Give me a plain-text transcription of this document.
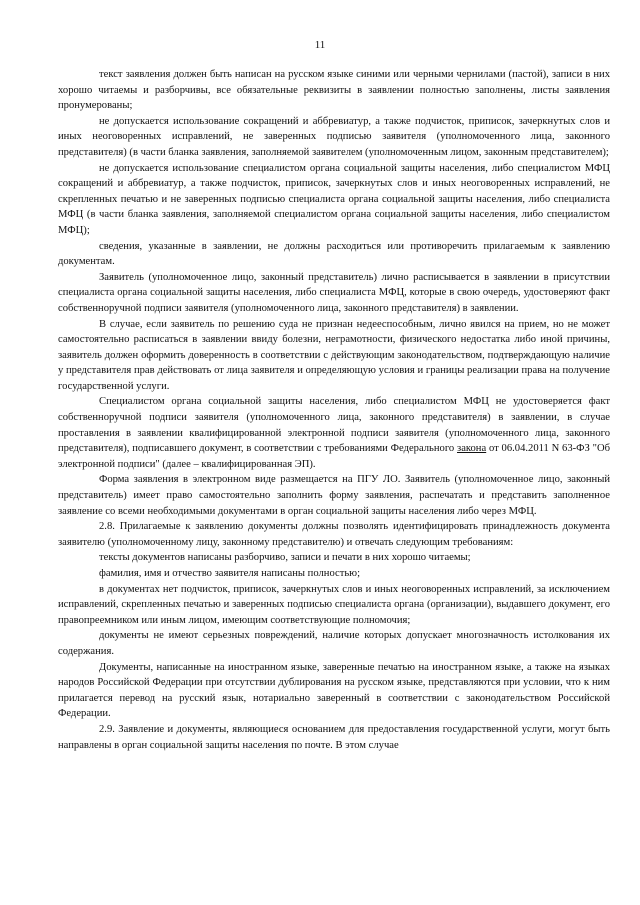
11

текст заявления должен быть написан на русском языке синими или черными чернилами (пастой), записи в них хорошо читаемы и разборчивы, все обязательные реквизиты в заявлении полностью заполнены, листы заявления пронумерованы;

не допускается использование сокращений и аббревиатур, а также подчисток, приписок, зачеркнутых слов и иных неоговоренных исправлений, не заверенных подписью заявителя (уполномоченного лица, законного представителя) (в части бланка заявления, заполняемой заявителем (уполномоченным лицом, законным представителем);

не допускается использование специалистом органа социальной защиты населения, либо специалистом МФЦ сокращений и аббревиатур, а также подчисток, приписок, зачеркнутых слов и иных неоговоренных исправлений, не скрепленных печатью и не заверенных подписью специалиста органа социальной защиты населения, либо специалиста МФЦ (в части бланка заявления, заполняемой специалистом органа социальной защиты населения, либо специалистом МФЦ);

сведения, указанные в заявлении, не должны расходиться или противоречить прилагаемым к заявлению документам.

Заявитель (уполномоченное лицо, законный представитель) лично расписывается в заявлении в присутствии специалиста органа социальной защиты населения, либо специалиста МФЦ, которые в свою очередь, удостоверяют факт собственноручной подписи заявителя (уполномоченного лица, законного представителя) в заявлении.

В случае, если заявитель по решению суда не признан недееспособным, лично явился на прием, но не может самостоятельно расписаться в заявлении ввиду болезни, неграмотности, физического недостатка либо иной причины, заявитель должен оформить доверенность в соответствии с действующим законодательством, подтверждающую наличие у представителя прав действовать от лица заявителя и определяющую условия и границы реализации права на получение государственной услуги.

Специалистом органа социальной защиты населения, либо специалистом МФЦ не удостоверяется факт собственноручной подписи заявителя (уполномоченного лица, законного представителя) в заявлении, в случае проставления в заявлении квалифицированной электронной подписи заявителя (уполномоченного лица, законного представителя), подписавшего документ, в соответствии с требованиями Федерального закона от 06.04.2011 N 63-ФЗ "Об электронной подписи" (далее – квалифицированная ЭП).

Форма заявления в электронном виде размещается на ПГУ ЛО. Заявитель (уполномоченное лицо, законный представитель) имеет право самостоятельно заполнить форму заявления, распечатать и представить заполненное заявление со всеми необходимыми документами в орган социальной защиты населения либо через МФЦ.

2.8. Прилагаемые к заявлению документы должны позволять идентифицировать принадлежность документа заявителю (уполномоченному лицу, законному представителю) и отвечать следующим требованиям:

тексты документов написаны разборчиво, записи и печати в них хорошо читаемы;

фамилия, имя и отчество заявителя написаны полностью;

в документах нет подчисток, приписок, зачеркнутых слов и иных неоговоренных исправлений, за исключением исправлений, скрепленных печатью и заверенных подписью специалиста органа (организации), выдавшего документ, его правопреемником или иным лицом, имеющим соответствующие полномочия;

документы не имеют серьезных повреждений, наличие которых допускает многозначность истолкования их содержания.

Документы, написанные на иностранном языке, заверенные печатью на иностранном языке, а также на языках народов Российской Федерации при отсутствии дублирования на русском языке, представляются при условии, что к ним прилагается перевод на русский язык, нотариально заверенный в соответствии с законодательством Российской Федерации.

2.9. Заявление и документы, являющиеся основанием для предоставления государственной услуги, могут быть направлены в орган социальной защиты населения по почте. В этом случае
